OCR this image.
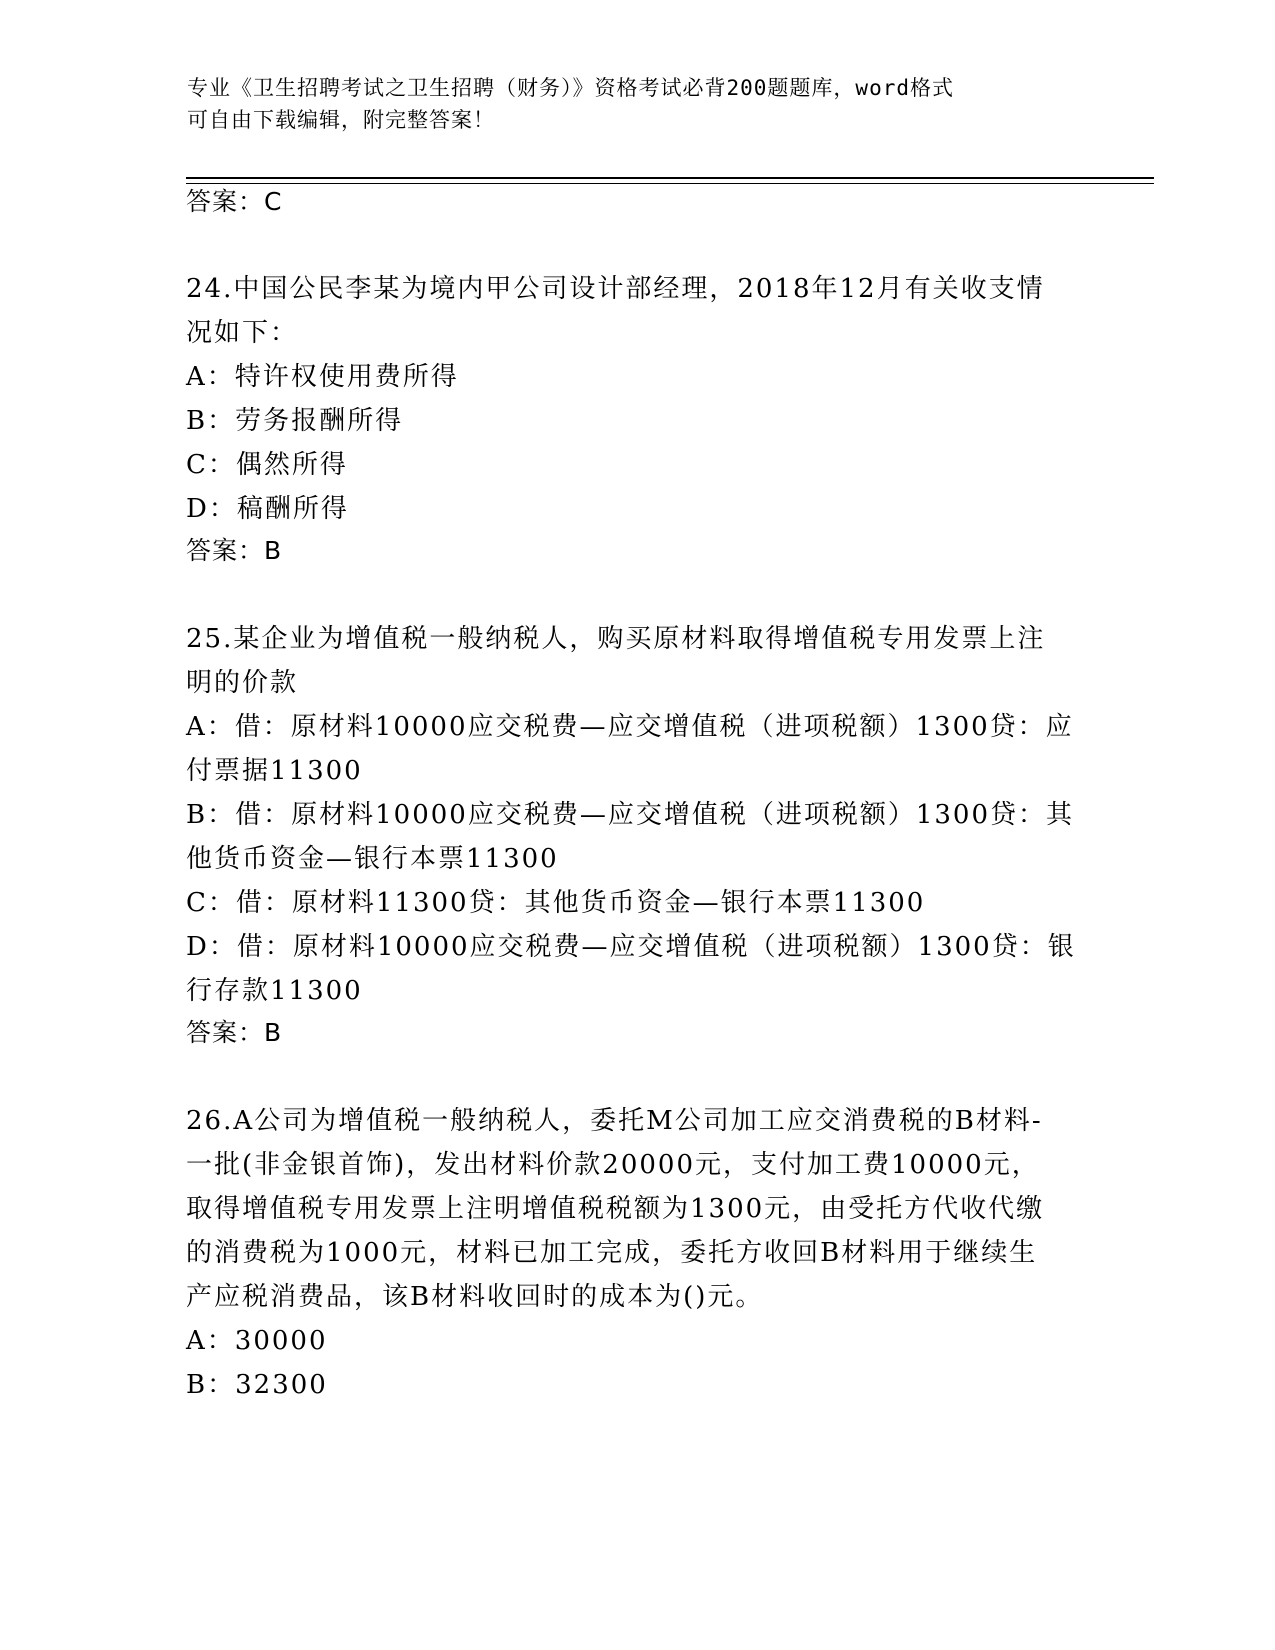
专业《卫生招聘考试之卫生招聘（财务）》资格考试必背200题题库，word格式
可自由下载编辑，附完整答案！
答案：C
24.中国公民李某为境内甲公司设计部经理，2018年12月有关收支情
况如下：
A：特许权使用费所得
B：劳务报酬所得
C：偶然所得
D：稿酬所得
答案：B
25.某企业为增值税一般纳税人，购买原材料取得增值税专用发票上注
明的价款
A：借：原材料10000应交税费—应交增值税（进项税额）1300贷：应
付票据11300
B：借：原材料10000应交税费—应交增值税（进项税额）1300贷：其
他货币资金—银行本票11300
C：借：原材料11300贷：其他货币资金—银行本票11300
D：借：原材料10000应交税费—应交增值税（进项税额）1300贷：银
行存款11300
答案：B
26.A公司为增值税一般纳税人，委托M公司加工应交消费税的B材料-
一批(非金银首饰)，发出材料价款20000元，支付加工费10000元，
取得增值税专用发票上注明增值税税额为1300元，由受托方代收代缴
的消费税为1000元，材料已加工完成，委托方收回B材料用于继续生
产应税消费品，该B材料收回时的成本为()元。
A：30000
B：32300
